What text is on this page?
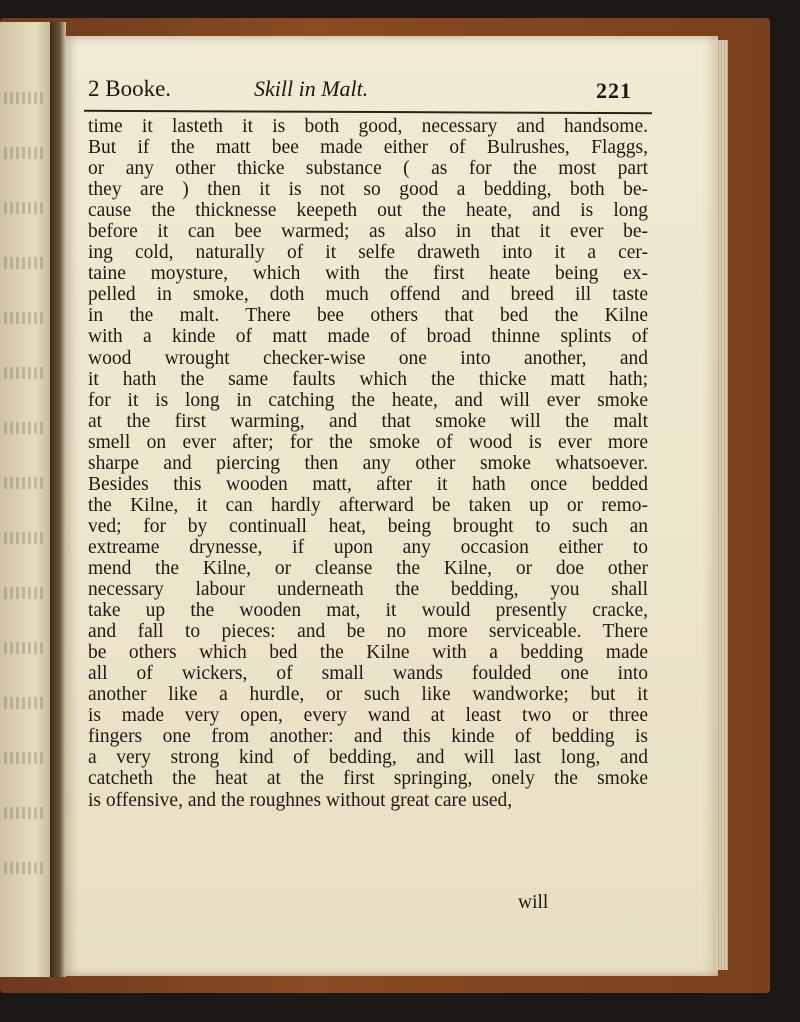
2 Booke.	Skill in Malt.	221
time it lasteth it is both good, necessary and handsome.
But if the matt bee made either of Bulrushes, Flaggs,
or any other thicke substance ( as for the most part
they are ) then it is not so good a bedding, both be-
cause the thicknesse keepeth out the heate, and is long
before it can bee warmed; as also in that it ever be-
ing cold, naturally of it selfe draweth into it a cer-
taine moysture, which with the first heate being ex-
pelled in smoke, doth much offend and breed ill taste
in the malt. There bee others that bed the Kilne
with a kinde of matt made of broad thinne splints of
wood wrought checker-wise one into another, and
it hath the same faults which the thicke matt hath;
for it is long in catching the heate, and will ever smoke
at the first warming, and that smoke will the malt
smell on ever after; for the smoke of wood is ever more
sharpe and piercing then any other smoke whatsoever.
Besides this wooden matt, after it hath once bedded
the Kilne, it can hardly afterward be taken up or remo-
ved; for by continuall heat, being brought to such an
extreame drynesse, if upon any occasion either to
mend the Kilne, or cleanse the Kilne, or doe other
necessary labour underneath the bedding, you shall
take up the wooden mat, it would presently cracke,
and fall to pieces: and be no more serviceable. There
be others which bed the Kilne with a bedding made
all of wickers, of small wands foulded one into
another like a hurdle, or such like wandworke; but it
is made very open, every wand at least two or three
fingers one from another: and this kinde of bedding is
a very strong kind of bedding, and will last long, and
catcheth the heat at the first springing, onely the smoke
is offensive, and the roughnes without great care used,
will
